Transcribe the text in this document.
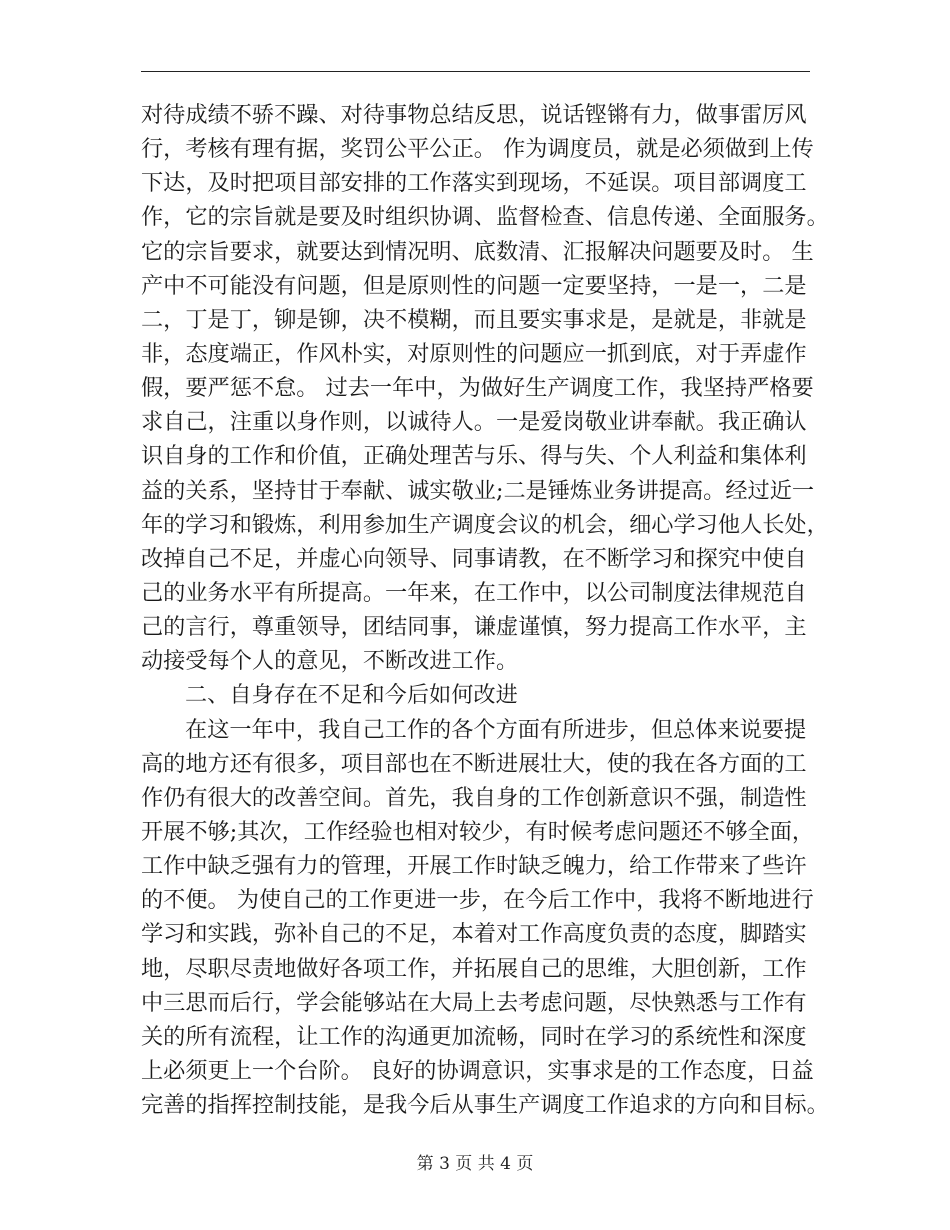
对待成绩不骄不躁、对待事物总结反思，说话铿锵有力，做事雷厉风
行，考核有理有据，奖罚公平公正。 作为调度员，就是必须做到上传
下达，及时把项目部安排的工作落实到现场，不延误。项目部调度工
作，它的宗旨就是要及时组织协调、监督检查、信息传递、全面服务。
它的宗旨要求，就要达到情况明、底数清、汇报解决问题要及时。 生
产中不可能没有问题，但是原则性的问题一定要坚持，一是一，二是
二，丁是丁，铆是铆，决不模糊，而且要实事求是，是就是，非就是
非，态度端正，作风朴实，对原则性的问题应一抓到底，对于弄虚作
假，要严惩不怠。 过去一年中，为做好生产调度工作，我坚持严格要
求自己，注重以身作则，以诚待人。一是爱岗敬业讲奉献。我正确认
识自身的工作和价值，正确处理苦与乐、得与失、个人利益和集体利
益的关系，坚持甘于奉献、诚实敬业;二是锤炼业务讲提高。经过近一
年的学习和锻炼，利用参加生产调度会议的机会，细心学习他人长处，
改掉自己不足，并虚心向领导、同事请教，在不断学习和探究中使自
己的业务水平有所提高。一年来，在工作中，以公司制度法律规范自
己的言行，尊重领导，团结同事，谦虚谨慎，努力提高工作水平，主
动接受每个人的意见，不断改进工作。
二、自身存在不足和今后如何改进
在这一年中，我自己工作的各个方面有所进步，但总体来说要提
高的地方还有很多，项目部也在不断进展壮大，使的我在各方面的工
作仍有很大的改善空间。首先，我自身的工作创新意识不强，制造性
开展不够;其次，工作经验也相对较少，有时候考虑问题还不够全面，
工作中缺乏强有力的管理，开展工作时缺乏魄力，给工作带来了些许
的不便。 为使自己的工作更进一步，在今后工作中，我将不断地进行
学习和实践，弥补自己的不足，本着对工作高度负责的态度，脚踏实
地，尽职尽责地做好各项工作，并拓展自己的思维，大胆创新，工作
中三思而后行，学会能够站在大局上去考虑问题，尽快熟悉与工作有
关的所有流程，让工作的沟通更加流畅，同时在学习的系统性和深度
上必须更上一个台阶。 良好的协调意识，实事求是的工作态度，日益
完善的指挥控制技能，是我今后从事生产调度工作追求的方向和目标。
第 3 页 共 4 页
